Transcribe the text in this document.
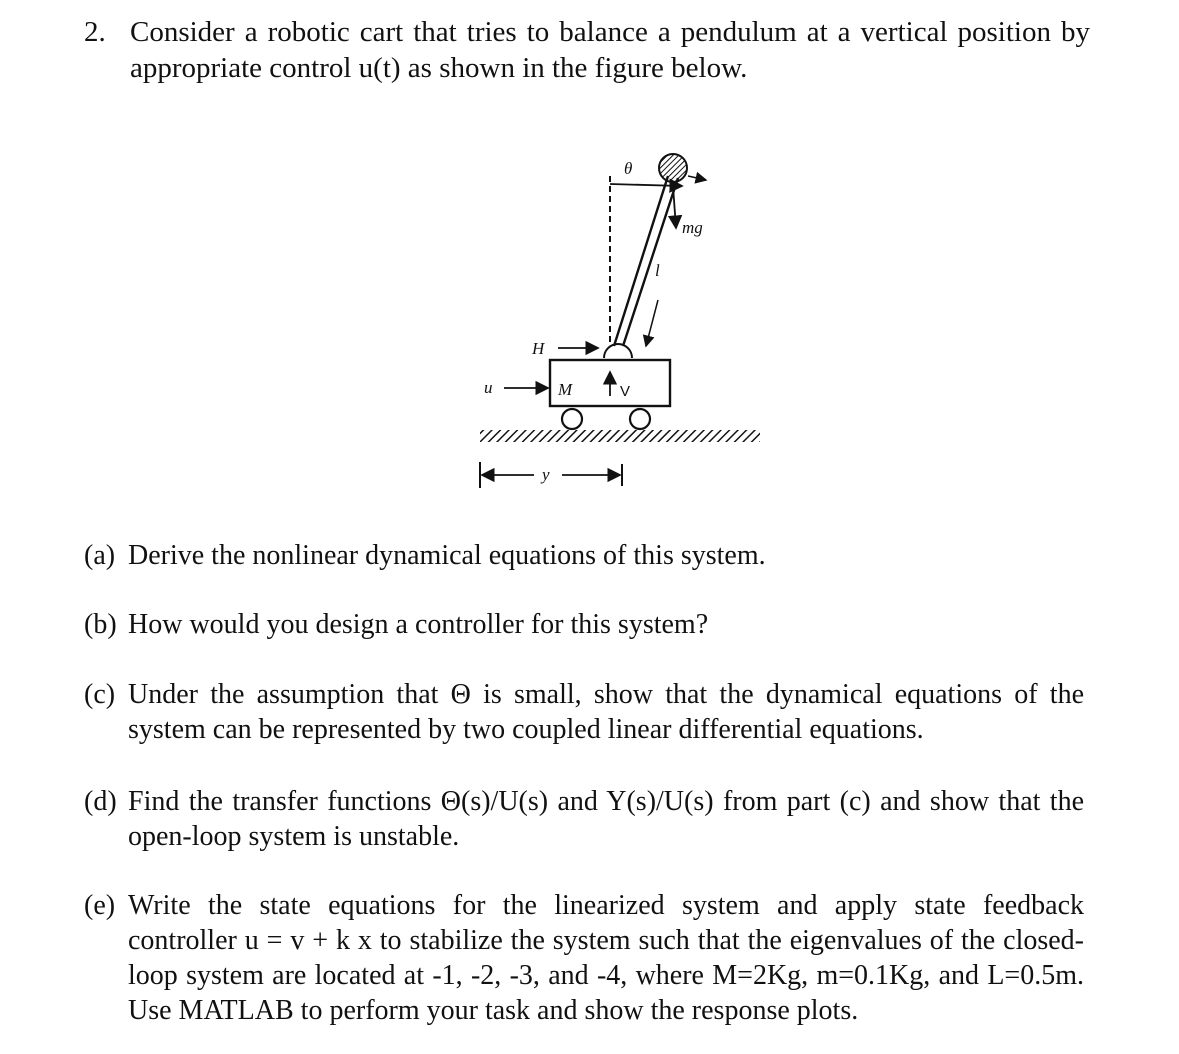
2. Consider a robotic cart that tries to balance a pendulum at a vertical position by appropriate control u(t) as shown in the figure below.
θ
mg
l
H
M	V
u
y
(a) Derive the nonlinear dynamical equations of this system.
(b) How would you design a controller for this system?
(c) Under the assumption that Θ is small, show that the dynamical equations of the system can be represented by two coupled linear differential equations.
(d) Find the transfer functions Θ(s)/U(s) and Y(s)/U(s) from part (c) and show that the open-loop system is unstable.
(e) Write the state equations for the linearized system and apply state feedback controller u = v + k x to stabilize the system such that the eigenvalues of the closed-loop system are located at -1, -2, -3, and -4, where M=2Kg, m=0.1Kg, and L=0.5m. Use MATLAB to perform your task and show the response plots.
